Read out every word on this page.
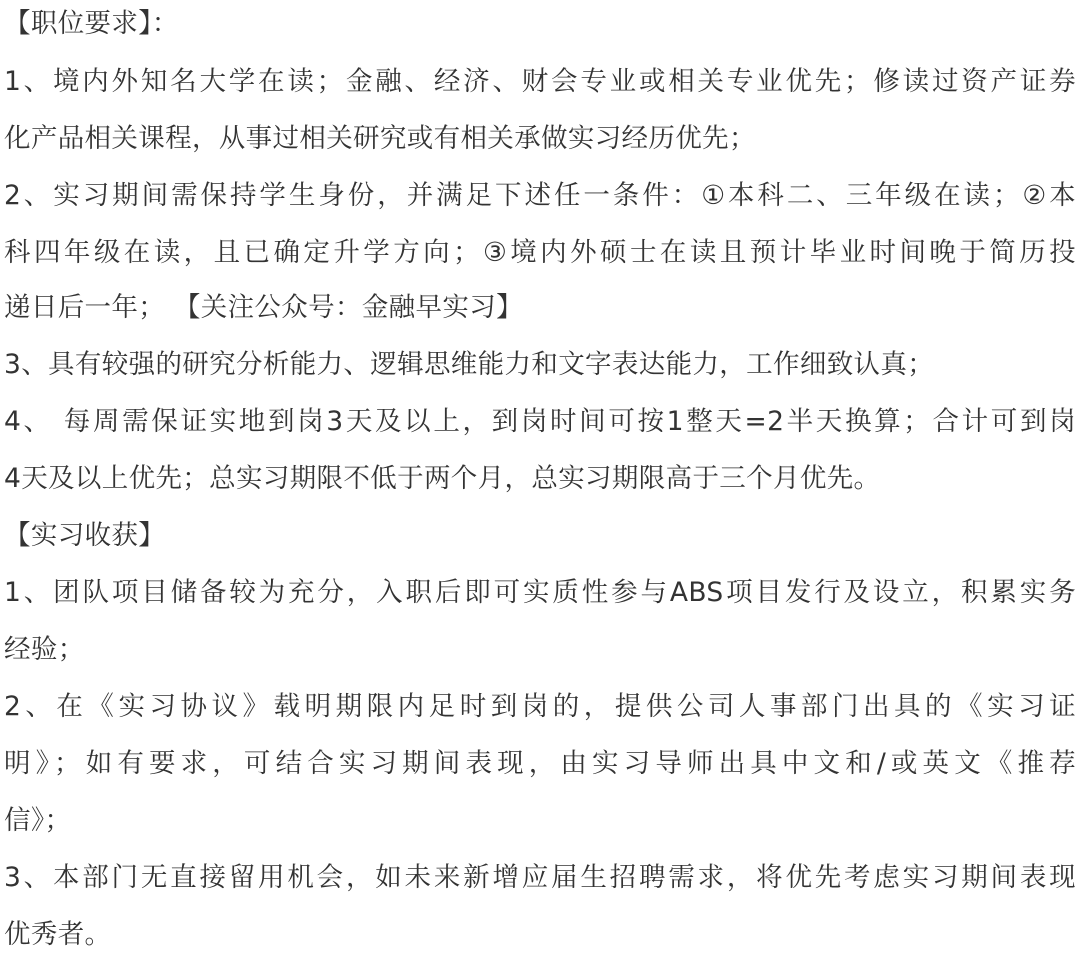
【职位要求】：
1、境内外知名大学在读；金融、经济、财会专业或相关专业优先；修读过资产证券
化产品相关课程，从事过相关研究或有相关承做实习经历优先；
2、实习期间需保持学生身份，并满足下述任一条件：①本科二、三年级在读；②本
科四年级在读，且已确定升学方向；③境内外硕士在读且预计毕业时间晚于简历投
递日后一年； 【关注公众号：金融早实习】
3、具有较强的研究分析能力、逻辑思维能力和文字表达能力，工作细致认真；
4、 每周需保证实地到岗3天及以上，到岗时间可按1整天=2半天换算；合计可到岗
4天及以上优先；总实习期限不低于两个月，总实习期限高于三个月优先。
【实习收获】
1、团队项目储备较为充分，入职后即可实质性参与ABS项目发行及设立，积累实务
经验；
2、在《实习协议》载明期限内足时到岗的，提供公司人事部门出具的《实习证
明》；如有要求，可结合实习期间表现，由实习导师出具中文和/或英文《推荐
信》；
3、本部门无直接留用机会，如未来新增应届生招聘需求，将优先考虑实习期间表现
优秀者。
